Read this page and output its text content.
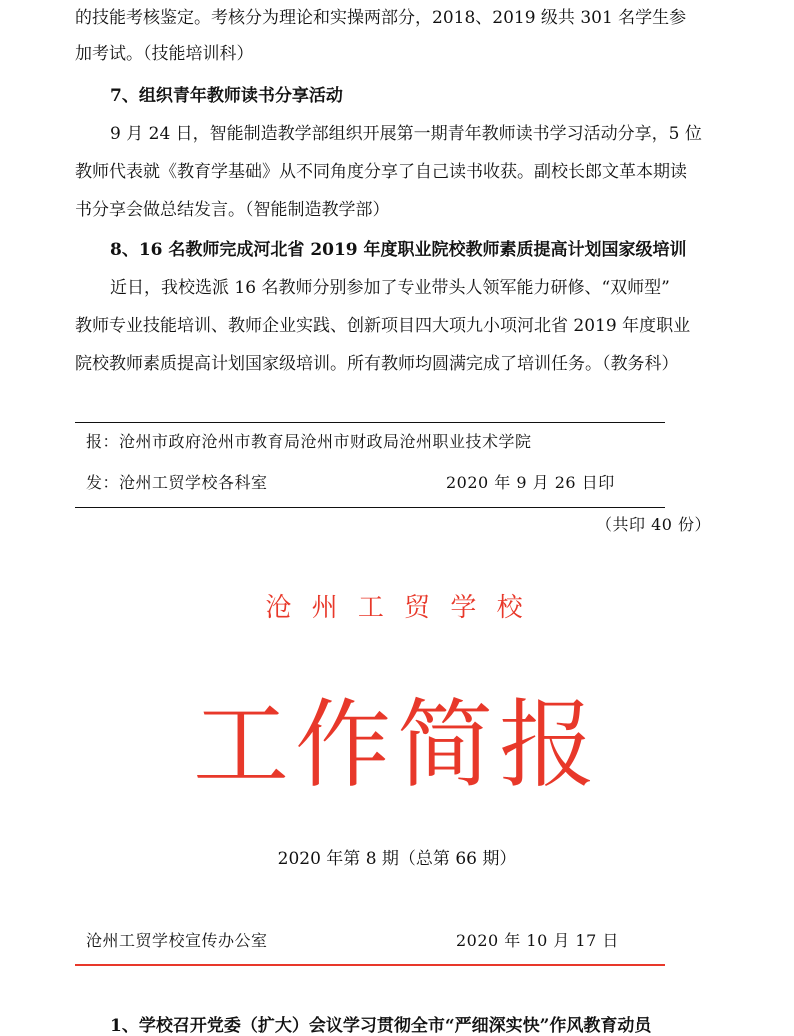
的技能考核鉴定。考核分为理论和实操两部分，2018、2019 级共 301 名学生参
加考试。（技能培训科）
7、组织青年教师读书分享活动
9 月 24 日，智能制造教学部组织开展第一期青年教师读书学习活动分享，5 位
教师代表就《教育学基础》从不同角度分享了自己读书收获。副校长郎文革本期读
书分享会做总结发言。（智能制造教学部）
8、16 名教师完成河北省 2019 年度职业院校教师素质提高计划国家级培训
近日，我校选派 16 名教师分别参加了专业带头人领军能力研修、“双师型”
教师专业技能培训、教师企业实践、创新项目四大项九小项河北省 2019 年度职业
院校教师素质提高计划国家级培训。所有教师均圆满完成了培训任务。（教务科）
报：沧州市政府沧州市教育局沧州市财政局沧州职业技术学院
发：沧州工贸学校各科室	2020 年 9 月 26 日印
（共印 40 份）
沧 州 工 贸 学 校
工作简报
2020 年第 8 期（总第 66 期）
沧州工贸学校宣传办公室	2020 年 10 月 17 日
1、学校召开党委（扩大）会议学习贯彻全市“严细深实快”作风教育动员
